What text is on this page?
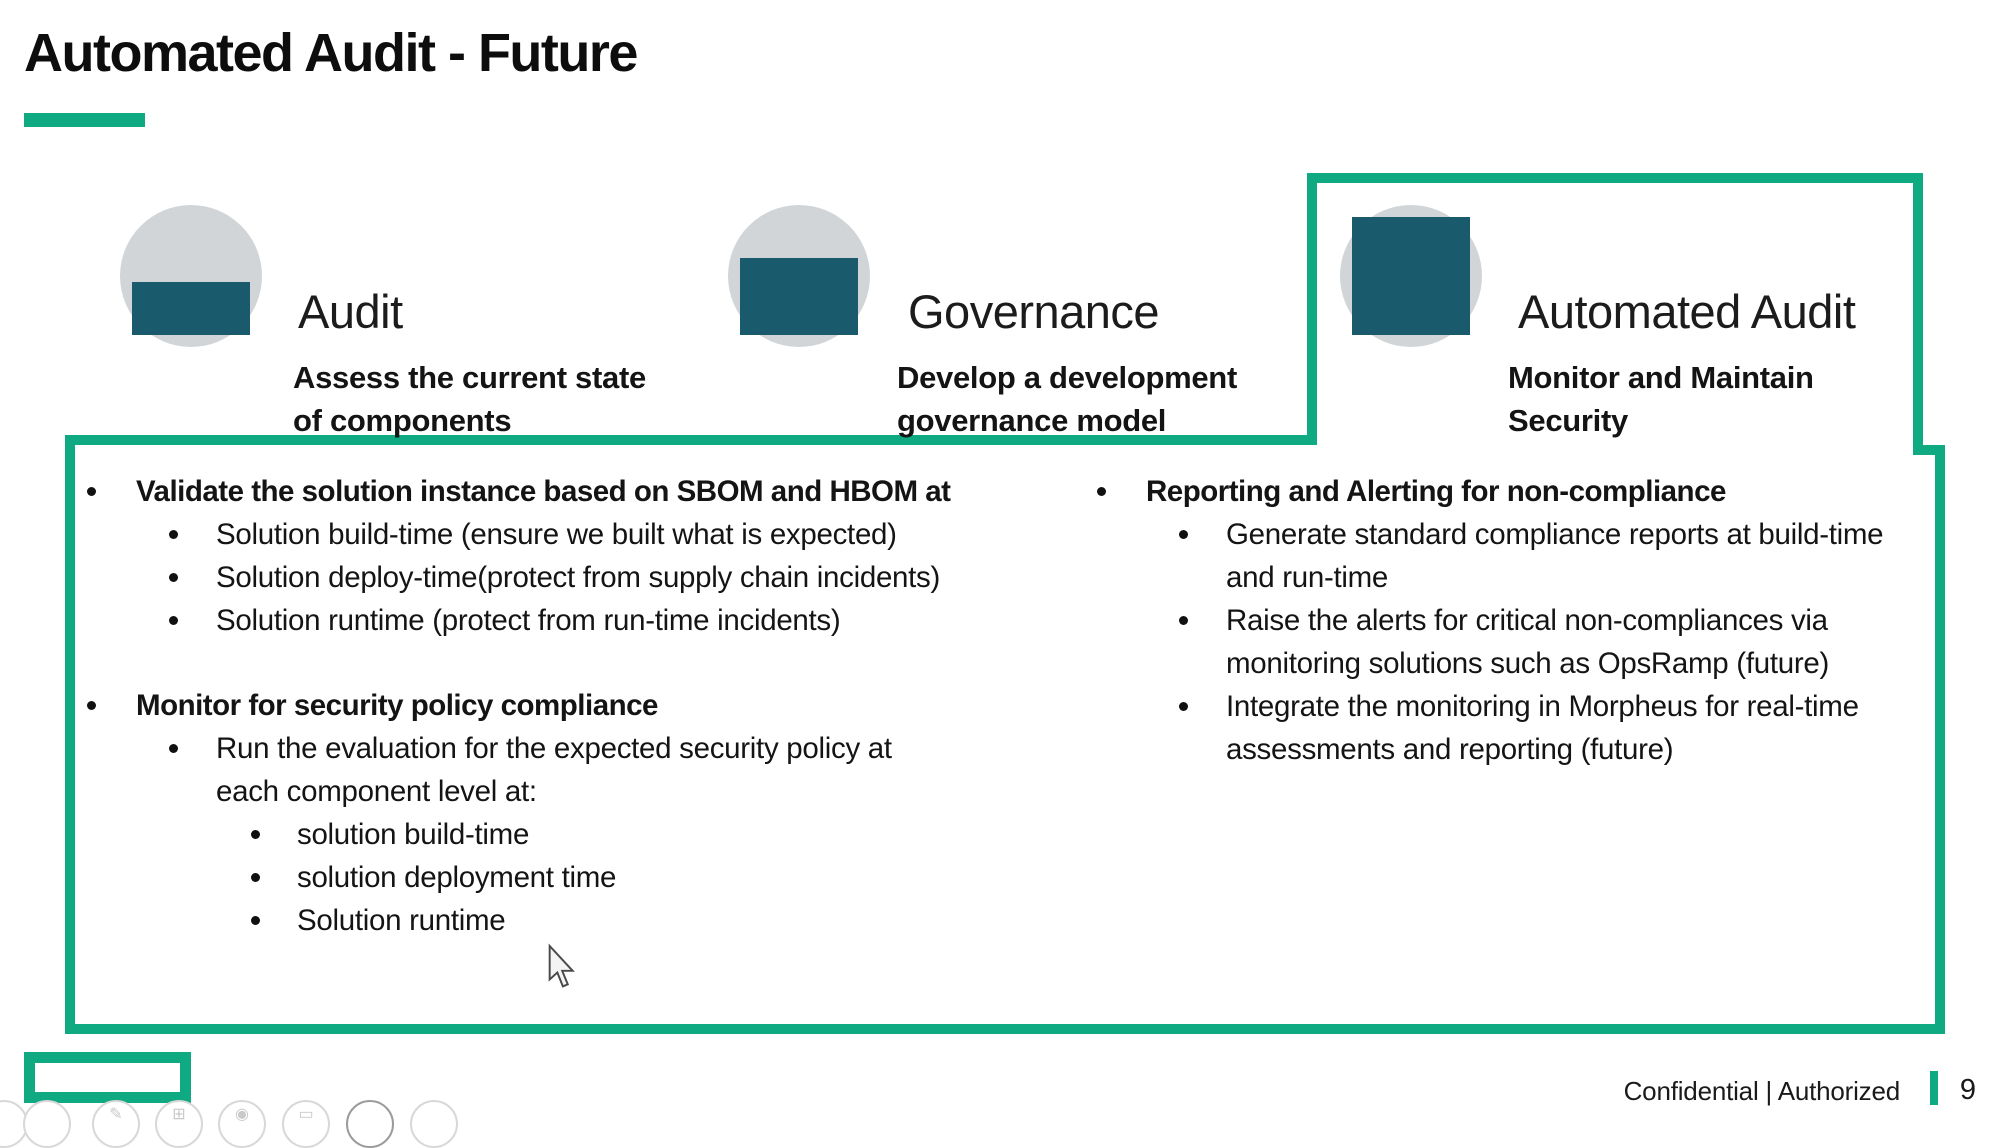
Automated Audit - Future
Audit
Assess the current state
of components
Governance
Develop a development
governance model
Automated Audit
Monitor and Maintain
Security
Validate the solution instance based on SBOM and HBOM at
Solution build-time (ensure we built what is expected)
Solution deploy-time(protect from supply chain incidents)
Solution runtime (protect from run-time incidents)
Monitor for security policy compliance
Run the evaluation for the expected security policy at
each component level at:
solution build-time
solution deployment time
Solution runtime
Reporting and Alerting for non-compliance
Generate standard compliance reports at build-time
and run-time
Raise the alerts for critical non-compliances via
monitoring solutions such as OpsRamp (future)
Integrate the monitoring in Morpheus for real-time
assessments and reporting (future)
Confidential | Authorized	9
✎	⊞	◉	▭
